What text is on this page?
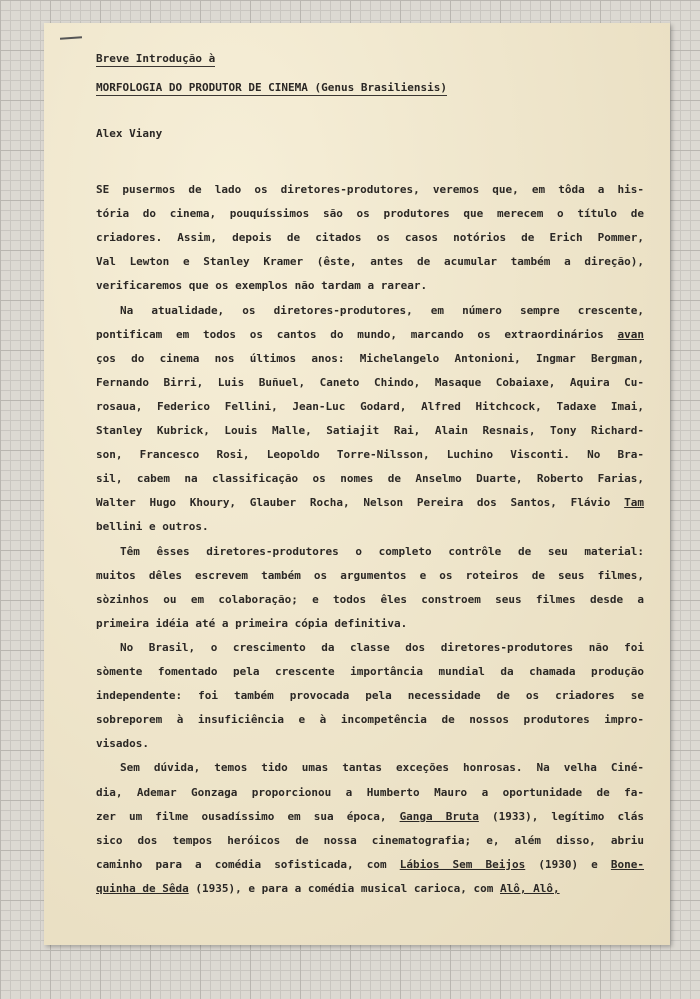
Breve Introdução à
MORFOLOGIA DO PRODUTOR DE CINEMA (Genus Brasiliensis)
Alex Viany
SE pusermos de lado os diretores-produtores, veremos que, em tôda a his-
tória do cinema, pouquíssimos são os produtores que merecem o título de
criadores. Assim, depois de citados os casos notórios de Erich Pommer,
Val Lewton e Stanley Kramer (êste, antes de acumular também a direção),
verificaremos que os exemplos não tardam a rarear.
Na atualidade, os diretores-produtores, em número sempre crescente,
pontificam em todos os cantos do mundo, marcando os extraordinários avan
ços do cinema nos últimos anos: Michelangelo Antonioni, Ingmar Bergman,
Fernando Birri, Luis Buñuel, Caneto Chindo, Masaque Cobaiaxe, Aquira Cu-
rosaua, Federico Fellini, Jean-Luc Godard, Alfred Hitchcock, Tadaxe Imai,
Stanley Kubrick, Louis Malle, Satiajit Rai, Alain Resnais, Tony Richard-
son, Francesco Rosi, Leopoldo Torre-Nilsson, Luchino Visconti. No Bra-
sil, cabem na classificação os nomes de Anselmo Duarte, Roberto Farias,
Walter Hugo Khoury, Glauber Rocha, Nelson Pereira dos Santos, Flávio Tam
bellini e outros.
Têm êsses diretores-produtores o completo contrôle de seu material:
muitos dêles escrevem também os argumentos e os roteiros de seus filmes,
sòzinhos ou em colaboração; e todos êles constroem seus filmes desde a
primeira idéia até a primeira cópia definitiva.
No Brasil, o crescimento da classe dos diretores-produtores não foi
sòmente fomentado pela crescente importância mundial da chamada produção
independente: foi também provocada pela necessidade de os criadores se
sobreporem à insuficiência e à incompetência de nossos produtores impro-
visados.
Sem dúvida, temos tido umas tantas exceções honrosas. Na velha Ciné-
dia, Ademar Gonzaga proporcionou a Humberto Mauro a oportunidade de fa-
zer um filme ousadíssimo em sua época, Ganga Bruta (1933), legítimo clás
sico dos tempos heróicos de nossa cinematografia; e, além disso, abriu
caminho para a comédia sofisticada, com Lábios Sem Beijos (1930) e Bone-
quinha de Sêda (1935), e para a comédia musical carioca, com Alô, Alô,
